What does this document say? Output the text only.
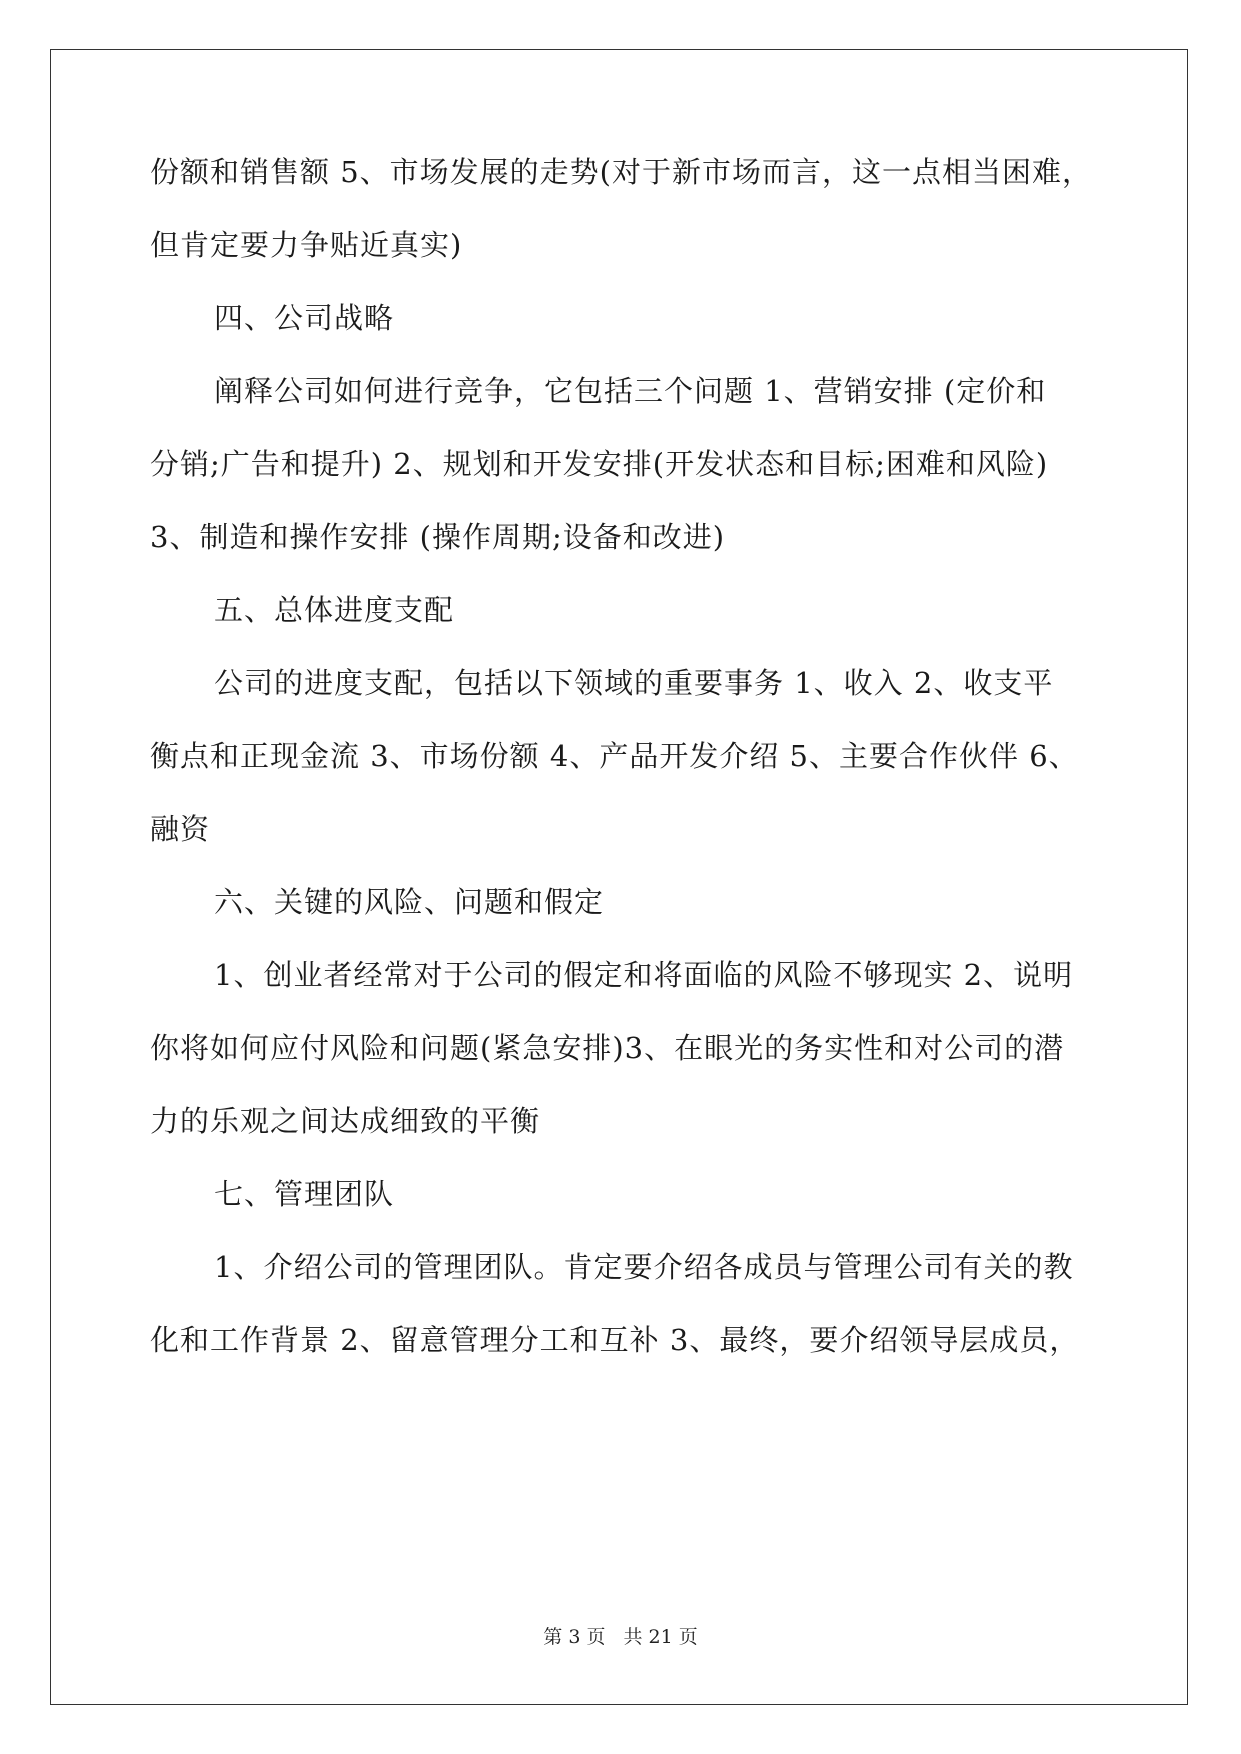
份额和销售额 5、市场发展的走势(对于新市场而言，这一点相当困难，
但肯定要力争贴近真实)
四、公司战略
阐释公司如何进行竞争，它包括三个问题 1、营销安排 (定价和
分销;广告和提升) 2、规划和开发安排(开发状态和目标;困难和风险)
3、制造和操作安排 (操作周期;设备和改进)
五、总体进度支配
公司的进度支配，包括以下领域的重要事务 1、收入 2、收支平
衡点和正现金流 3、市场份额 4、产品开发介绍 5、主要合作伙伴 6、
融资
六、关键的风险、问题和假定
1、创业者经常对于公司的假定和将面临的风险不够现实 2、说明
你将如何应付风险和问题(紧急安排)3、在眼光的务实性和对公司的潜
力的乐观之间达成细致的平衡
七、管理团队
1、介绍公司的管理团队。肯定要介绍各成员与管理公司有关的教
化和工作背景 2、留意管理分工和互补 3、最终，要介绍领导层成员，
第 3 页 共 21 页
